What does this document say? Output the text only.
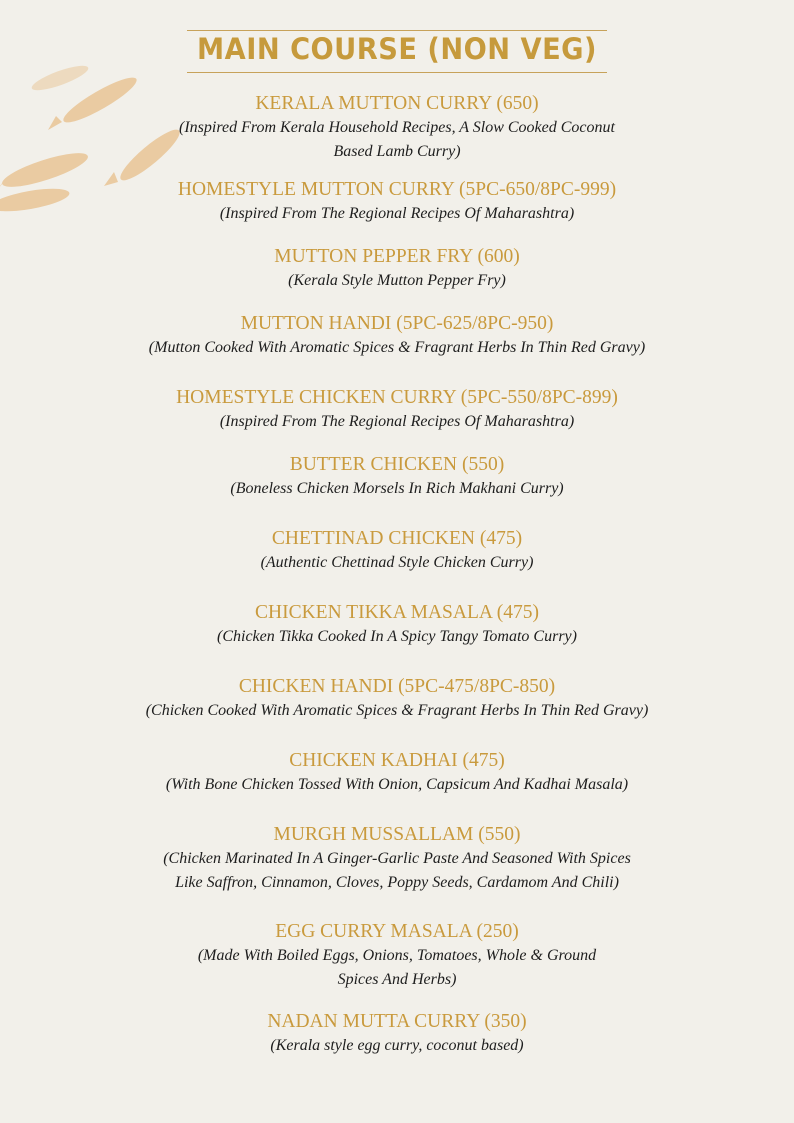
MAIN COURSE (NON VEG)
KERALA MUTTON CURRY (650)
(Inspired From Kerala Household Recipes, A Slow Cooked Coconut
Based Lamb Curry)
HOMESTYLE MUTTON CURRY (5PC-650/8PC-999)
(Inspired From The Regional Recipes Of Maharashtra)
MUTTON PEPPER FRY (600)
(Kerala Style Mutton Pepper Fry)
MUTTON HANDI (5PC-625/8PC-950)
(Mutton Cooked With Aromatic Spices & Fragrant Herbs In Thin Red Gravy)
HOMESTYLE CHICKEN CURRY (5PC-550/8PC-899)
(Inspired From The Regional Recipes Of Maharashtra)
BUTTER CHICKEN (550)
(Boneless Chicken Morsels In Rich Makhani Curry)
CHETTINAD CHICKEN (475)
(Authentic Chettinad Style Chicken Curry)
CHICKEN TIKKA MASALA (475)
(Chicken Tikka Cooked In A Spicy Tangy Tomato Curry)
CHICKEN HANDI (5PC-475/8PC-850)
(Chicken Cooked With Aromatic Spices & Fragrant Herbs In Thin Red Gravy)
CHICKEN KADHAI (475)
(With Bone Chicken Tossed With Onion, Capsicum And Kadhai Masala)
MURGH MUSSALLAM (550)
(Chicken Marinated In A Ginger-Garlic Paste And Seasoned With Spices
Like Saffron, Cinnamon, Cloves, Poppy Seeds, Cardamom And Chili)
EGG CURRY MASALA (250)
(Made With Boiled Eggs, Onions, Tomatoes, Whole & Ground
Spices And Herbs)
NADAN MUTTA CURRY (350)
(Kerala style egg curry, coconut based)
